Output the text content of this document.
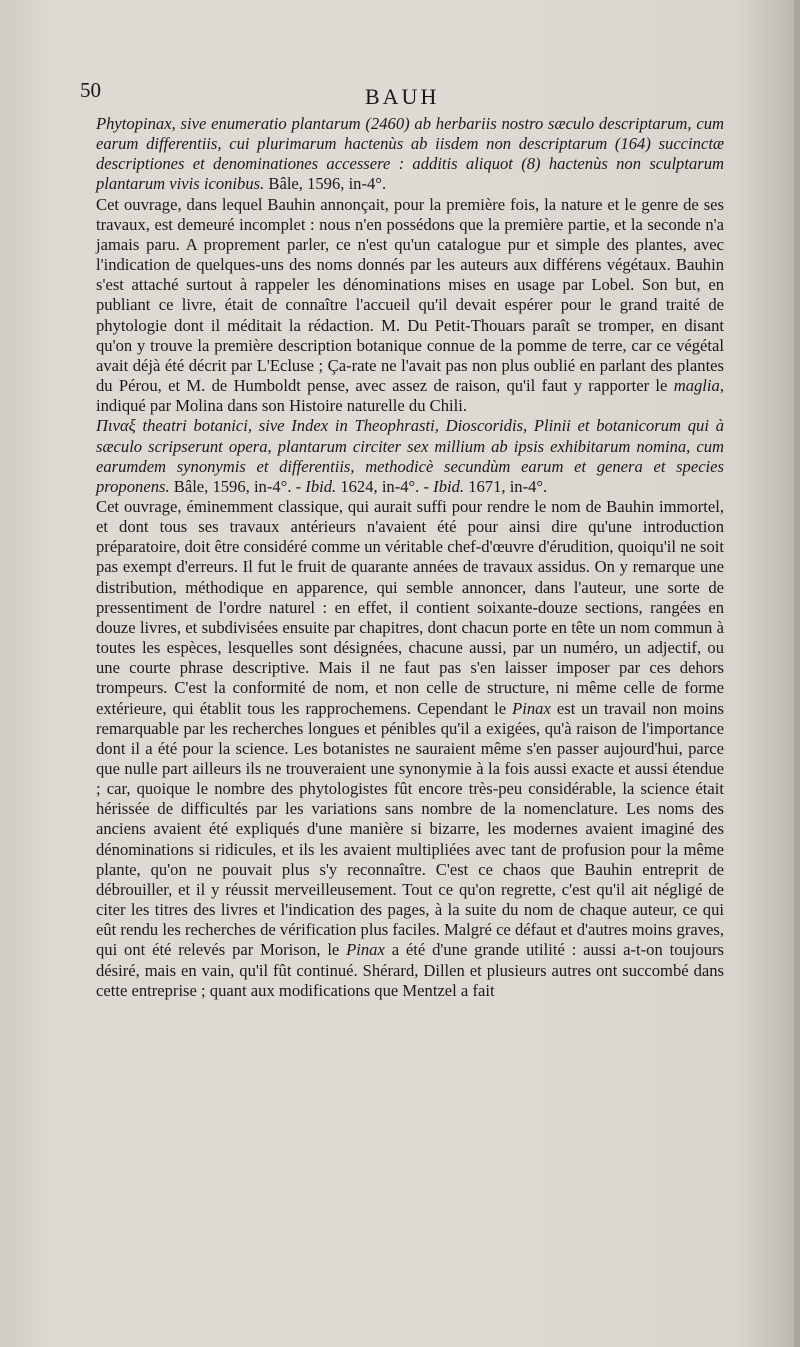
50	BAUH

Phytopinax, sive enumeratio plantarum (2460) ab herbariis nostro sæculo descriptarum, cum earum differentiis, cui plurimarum hactenùs ab iisdem non descriptarum (164) succinctæ descriptiones et denominationes accessere : additis aliquot (8) hactenùs non sculptarum plantarum vivis iconibus. Bâle, 1596, in-4°.

Cet ouvrage, dans lequel Bauhin annonçait, pour la première fois, la nature et le genre de ses travaux, est demeuré incomplet : nous n'en possédons que la première partie, et la seconde n'a jamais paru. A proprement parler, ce n'est qu'un catalogue pur et simple des plantes, avec l'indication de quelques-uns des noms donnés par les auteurs aux différens végétaux. Bauhin s'est attaché surtout à rappeler les dénominations mises en usage par Lobel. Son but, en publiant ce livre, était de connaître l'accueil qu'il devait espérer pour le grand traité de phytologie dont il méditait la rédaction. M. Du Petit-Thouars paraît se tromper, en disant qu'on y trouve la première description botanique connue de la pomme de terre, car ce végétal avait déjà été décrit par L'Ecluse ; Ça-rate ne l'avait pas non plus oublié en parlant des plantes du Pérou, et M. de Humboldt pense, avec assez de raison, qu'il faut y rapporter le maglia, indiqué par Molina dans son Histoire naturelle du Chili.

Πιναξ theatri botanici, sive Index in Theophrasti, Dioscoridis, Plinii et botanicorum qui à sæculo scripserunt opera, plantarum circiter sex millium ab ipsis exhibitarum nomina, cum earumdem synonymis et differentiis, methodicè secundùm earum et genera et species proponens. Bâle, 1596, in-4°. - Ibid. 1624, in-4°. - Ibid. 1671, in-4°.

Cet ouvrage, éminemment classique, qui aurait suffi pour rendre le nom de Bauhin immortel, et dont tous ses travaux antérieurs n'avaient été pour ainsi dire qu'une introduction préparatoire, doit être considéré comme un véritable chef-d'œuvre d'érudition, quoiqu'il ne soit pas exempt d'erreurs. Il fut le fruit de quarante années de travaux assidus. On y remarque une distribution, méthodique en apparence, qui semble annoncer, dans l'auteur, une sorte de pressentiment de l'ordre naturel : en effet, il contient soixante-douze sections, rangées en douze livres, et subdivisées ensuite par chapitres, dont chacun porte en tête un nom commun à toutes les espèces, lesquelles sont désignées, chacune aussi, par un numéro, un adjectif, ou une courte phrase descriptive. Mais il ne faut pas s'en laisser imposer par ces dehors trompeurs. C'est la conformité de nom, et non celle de structure, ni même celle de forme extérieure, qui établit tous les rapprochemens. Cependant le Pinax est un travail non moins remarquable par les recherches longues et pénibles qu'il a exigées, qu'à raison de l'importance dont il a été pour la science. Les botanistes ne sauraient même s'en passer aujourd'hui, parce que nulle part ailleurs ils ne trouveraient une synonymie à la fois aussi exacte et aussi étendue ; car, quoique le nombre des phytologistes fût encore très-peu considérable, la science était hérissée de difficultés par les variations sans nombre de la nomenclature. Les noms des anciens avaient été expliqués d'une manière si bizarre, les modernes avaient imaginé des dénominations si ridicules, et ils les avaient multipliées avec tant de profusion pour la même plante, qu'on ne pouvait plus s'y reconnaître. C'est ce chaos que Bauhin entreprit de débrouiller, et il y réussit merveilleusement. Tout ce qu'on regrette, c'est qu'il ait négligé de citer les titres des livres et l'indication des pages, à la suite du nom de chaque auteur, ce qui eût rendu les recherches de vérification plus faciles. Malgré ce défaut et d'autres moins graves, qui ont été relevés par Morison, le Pinax a été d'une grande utilité : aussi a-t-on toujours désiré, mais en vain, qu'il fût continué. Shérard, Dillen et plusieurs autres ont succombé dans cette entreprise ; quant aux modifications que Mentzel a fait
